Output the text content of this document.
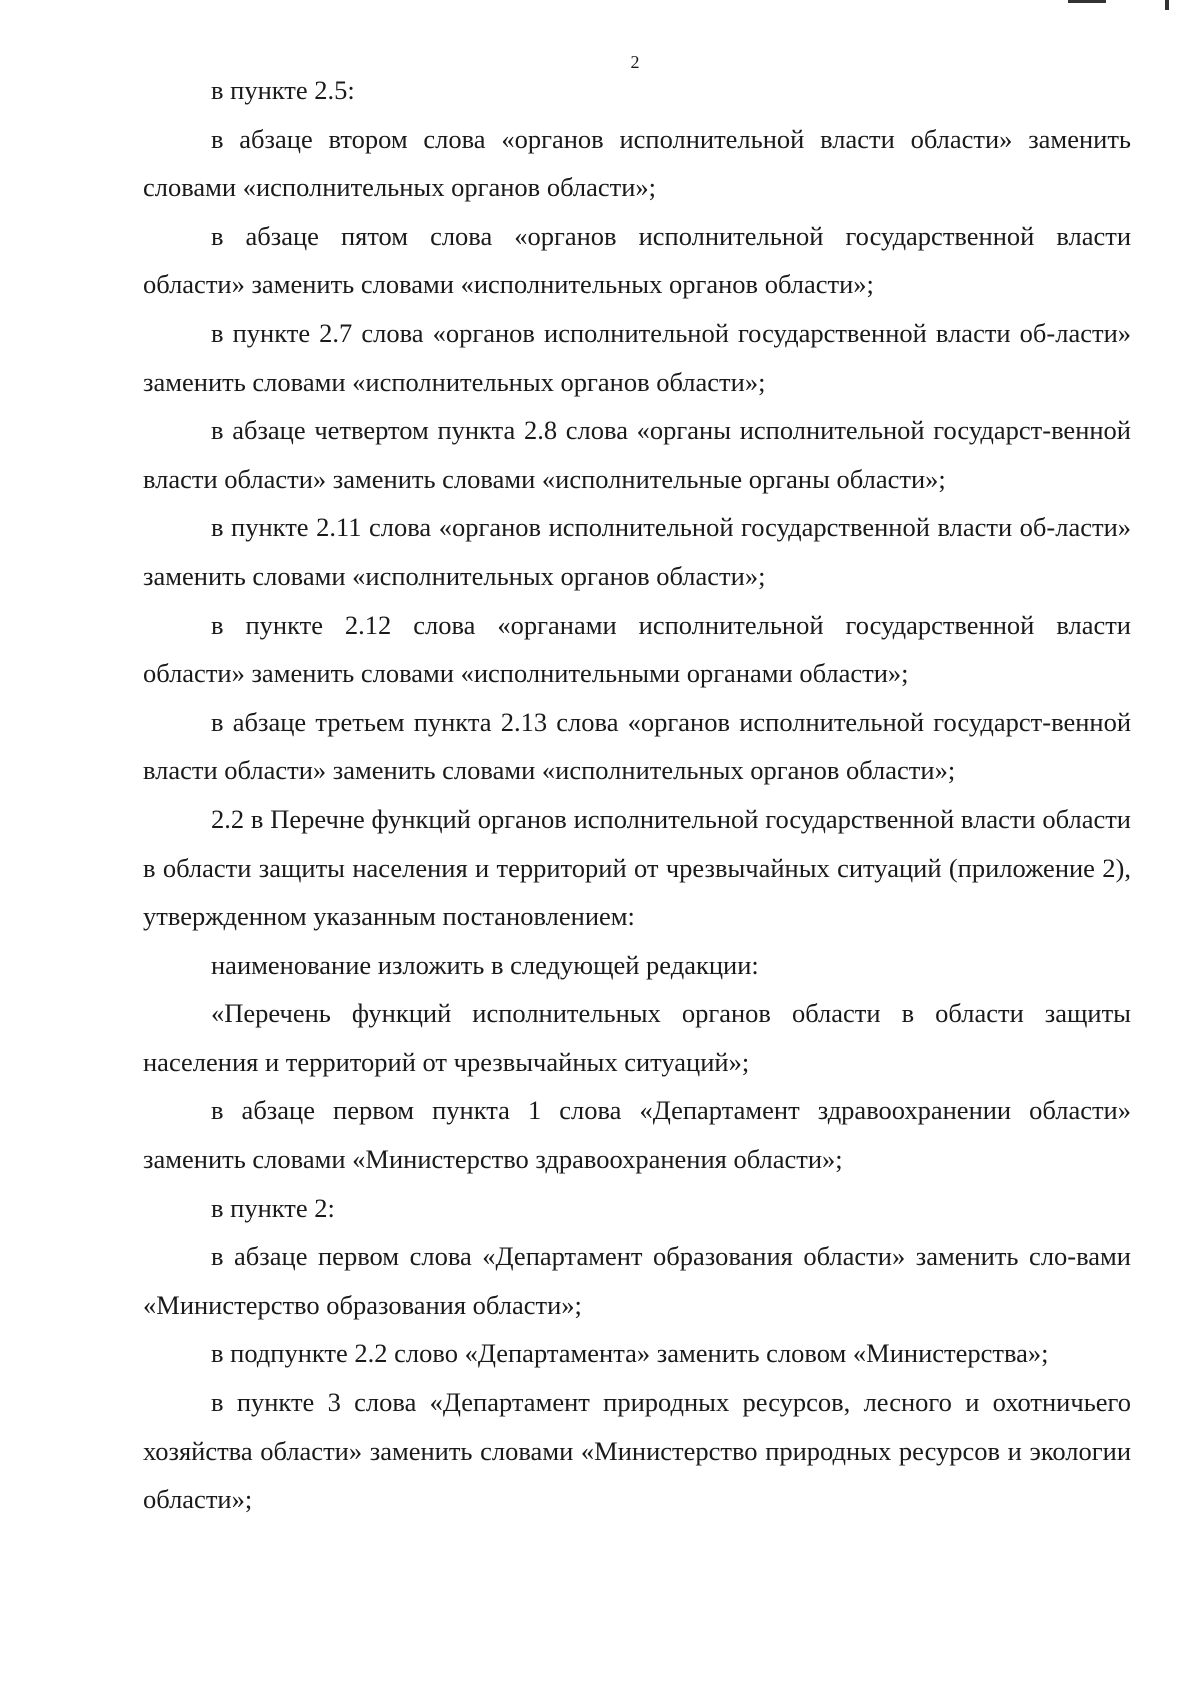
2

в пункте 2.5:

в абзаце втором слова «органов исполнительной власти области» заменить словами «исполнительных органов области»;

в абзаце пятом слова «органов исполнительной государственной власти области» заменить словами «исполнительных органов области»;

в пункте 2.7 слова «органов исполнительной государственной власти об-ласти» заменить словами «исполнительных органов области»;

в абзаце четвертом пункта 2.8 слова «органы исполнительной государст-венной власти области» заменить словами «исполнительные органы области»;

в пункте 2.11 слова «органов исполнительной государственной власти об-ласти» заменить словами «исполнительных органов области»;

в пункте 2.12 слова «органами исполнительной государственной власти области» заменить словами «исполнительными органами области»;

в абзаце третьем пункта 2.13 слова «органов исполнительной государст-венной власти области» заменить словами «исполнительных органов области»;

2.2 в Перечне функций органов исполнительной государственной власти области в области защиты населения и территорий от чрезвычайных ситуаций (приложение 2), утвержденном указанным постановлением:

наименование изложить в следующей редакции:

«Перечень функций исполнительных органов области в области защиты населения и территорий от чрезвычайных ситуаций»;

в абзаце первом пункта 1 слова «Департамент здравоохранении области» заменить словами «Министерство здравоохранения области»;

в пункте 2:

в абзаце первом слова «Департамент образования области» заменить сло-вами «Министерство образования области»;

в подпункте 2.2 слово «Департамента» заменить словом «Министерства»;

в пункте 3 слова «Департамент природных ресурсов, лесного и охотничьего хозяйства области» заменить словами «Министерство природных ресурсов и экологии области»;
